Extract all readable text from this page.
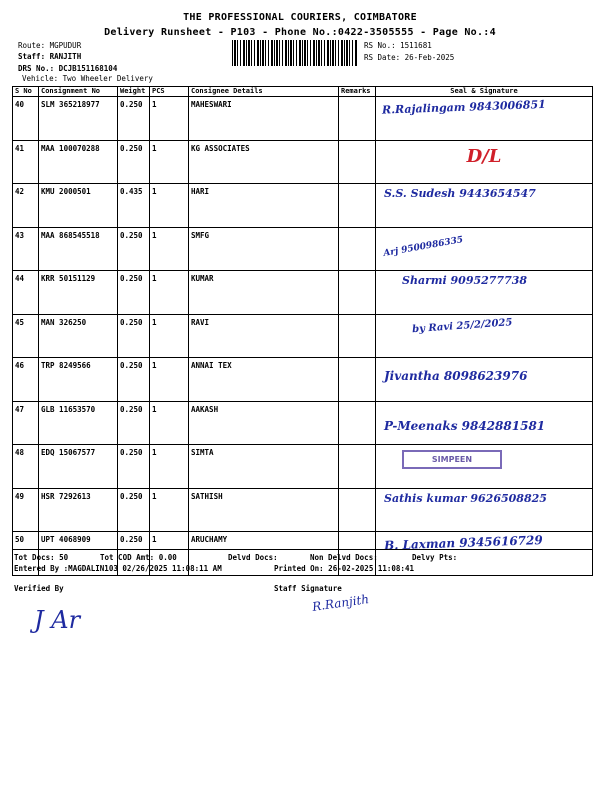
THE PROFESSIONAL COURIERS, COIMBATORE
Delivery Runsheet - P103 - Phone No.:0422-3505555 - Page No.:4
Route: MGPUDUR
Staff: RANJITH
DRS No.: DCJB151168104
Vehicle: Two Wheeler Delivery
RS No.: 1511681
RS Date: 26-Feb-2025
S No	Consignment No	Weight	PCS	Consignee Details	Remarks	Seal & Signature
40	SLM 365218977	0.250	1	MAHESWARI		R.Rajalingam 9843006851

41	MAA 100070288	0.250	1	KG ASSOCIATES		D/L

42	KMU 2000501	0.435	1	HARI		S.S. Sudesh 9443654547

43	MAA 868545518	0.250	1	SMFG		Arj 9500986335

44	KRR 50151129	0.250	1	KUMAR		Sharmi 9095277738

45	MAN 326250	0.250	1	RAVI		by Ravi 25/2/2025

46	TRP 8249566	0.250	1	ANNAI TEX		Jivantha 8098623976

47	GLB 11653570	0.250	1	AAKASH		P-Meenaks 9842881581

48	EDQ 15067577	0.250	1	SIMTA		SIMPEEN

49	HSR 7292613	0.250	1	SATHISH		Sathis kumar 9626508825

50	UPT 4068909	0.250	1	ARUCHAMY		B. Laxman 9345616729
Tot Docs: 50	Tot COD Amt: 0.00	Delvd Docs:	Non Delvd Docs:	Delvy Pts:
Entered By :MAGDALIN103 02/26/2025 11:08:11 AM	Printed On: 26-02-2025 11:08:41
Verified By	Staff Signature
J Ar
R.Ranjith
